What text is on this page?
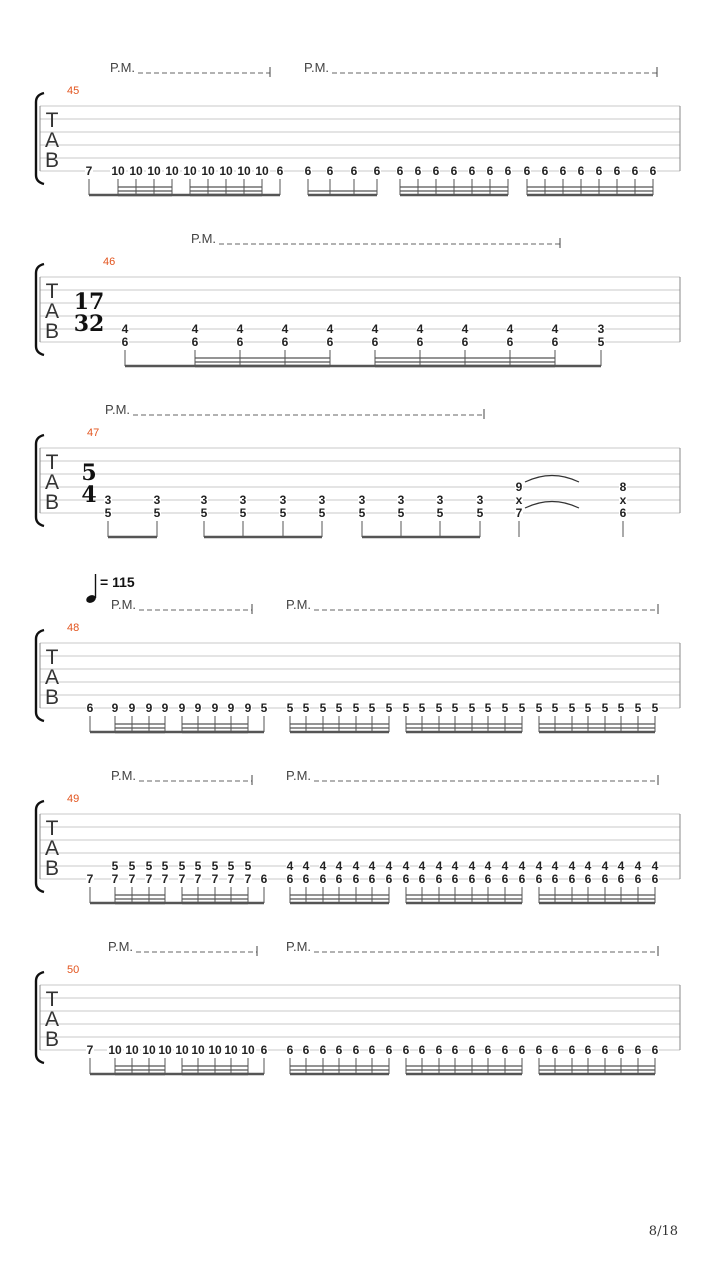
T
A
B
45
P.M.	P.M.
7 10 10 10 10 10 10 10 10 10 6 6 6 6 6 6 6 6 6 6 6 6 6 6 6 6 6 6 6 6
T
A
B
46
17
32
P.M.
4
6
4
6
4
6
4
6
4
6
4
6
4
6
4
6
4
6
4
6
3
5
T
A
B
47
5
4
P.M.
3
5
3
5
3
5
3
5
3
5
3
5
3
5
3
5
3
5
3
5
9
x
7
8
x
6
T
A
B
48
= 115
P.M.	P.M.
6 9 9 9 9 9 9 9 9 9 5 5 5 5 5 5 5 5 5 5 5 5 5 5 5 5 5 5 5 5 5 5 5 5
T
A
B
49
P.M.	P.M.
7
5
7
5
7
5
7
5
7
5
7
5
7
5
7
5
7
5
7 6
4
6
4
6
4
6
4
6
4
6
4
6
4
6
4
6
4
6
4
6
4
6
4
6
4
6
4
6
4
6
4
6
4
6
4
6
4
6
4
6
4
6
4
6
4
6
T
A
B
50
P.M.	P.M.
7 10 10 10 10 10 10 10 10 10 6 6 6 6 6 6 6 6 6 6 6 6 6 6 6 6 6 6 6 6 6 6 6 6
8/18
